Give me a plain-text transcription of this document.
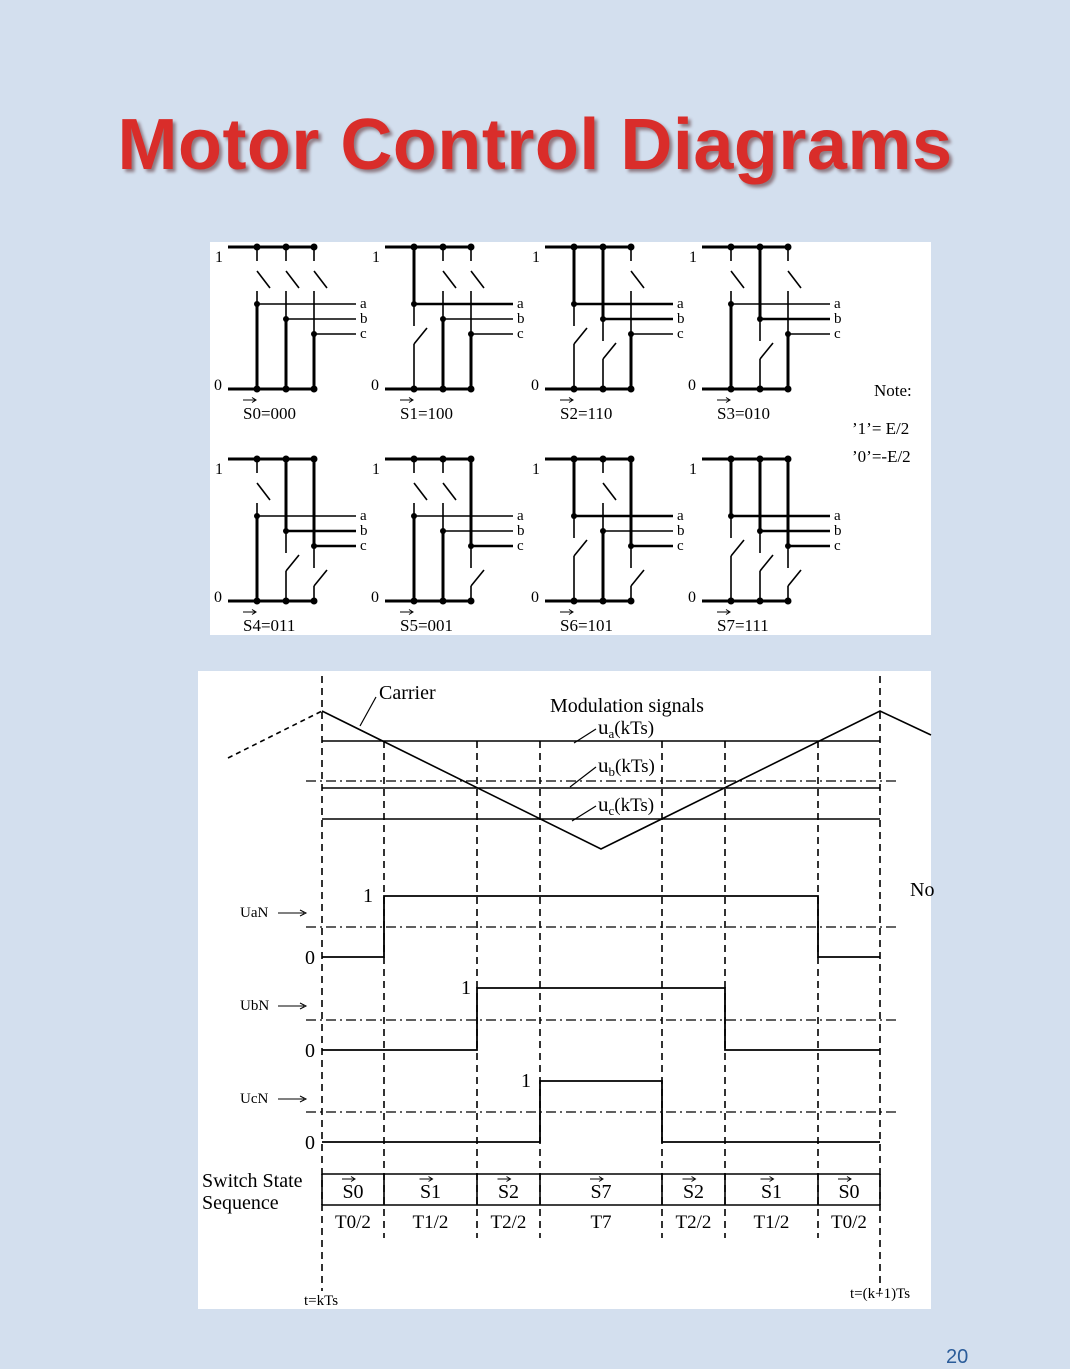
Motor Control Diagrams
1
0
a
b
c
S0=000
1
0
a
b
c
S1=100
1
0
a
b
c
S2=110
1
0
a
b
c
S3=010
1
0
a
b
c
S4=011
1
0
a
b
c
S5=001
1
0
a
b
c
S6=101
1
0
a
b
c
S7=111
Note:
’1’= E/2
’0’=-E/2
Carrier
Modulation signals
ua(kTs)
ub(kTs)
uc(kTs)
UaN
1
0
UbN
1
0
UcN
1
0
Switch State
Sequence	S0
T0/2
S1
T1/2
S2
T2/2
S7
T7
S2
T2/2
S1
T1/2
S0
T0/2
t=kTs	t=(k+1)Ts
No
20
